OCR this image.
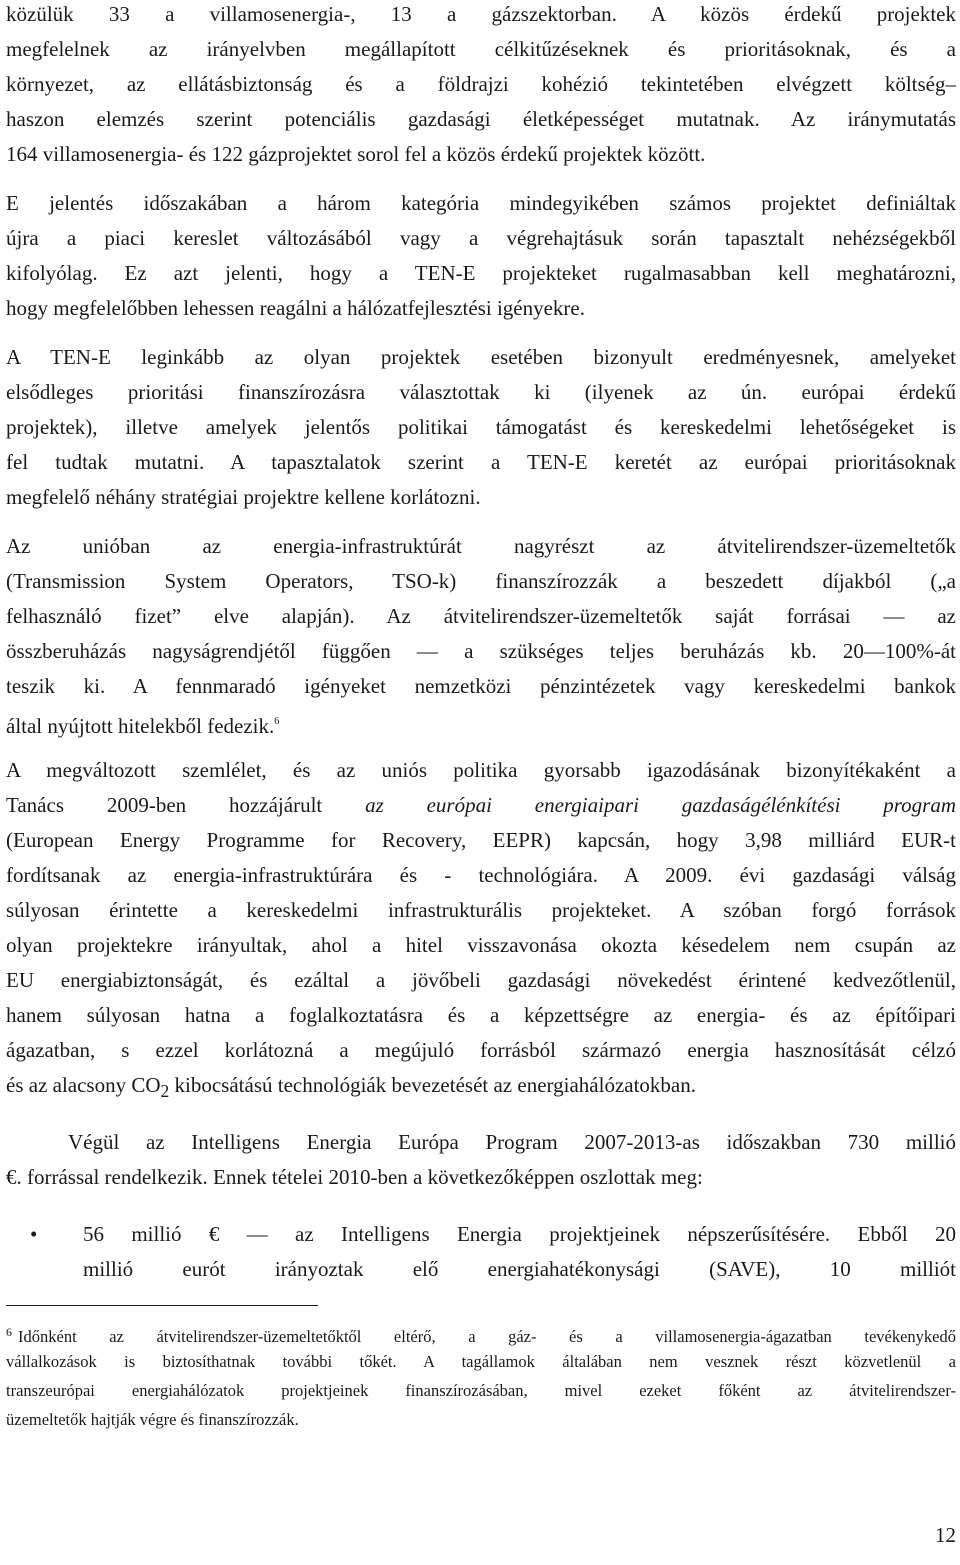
közülük 33 a villamosenergia-, 13 a gázszektorban. A közös érdekű projektek
megfelelnek az irányelvben megállapított célkitűzéseknek és prioritásoknak, és a
környezet, az ellátásbiztonság és a földrajzi kohézió tekintetében elvégzett költség–
haszon elemzés szerint potenciális gazdasági életképességet mutatnak. Az iránymutatás
164 villamosenergia- és 122 gázprojektet sorol fel a közös érdekű projektek között.
E jelentés időszakában a három kategória mindegyikében számos projektet definiáltak
újra a piaci kereslet változásából vagy a végrehajtásuk során tapasztalt nehézségekből
kifolyólag. Ez azt jelenti, hogy a TEN-E projekteket rugalmasabban kell meghatározni,
hogy megfelelőbben lehessen reagálni a hálózatfejlesztési igényekre.
A TEN-E leginkább az olyan projektek esetében bizonyult eredményesnek, amelyeket
elsődleges prioritási finanszírozásra választottak ki (ilyenek az ún. európai érdekű
projektek), illetve amelyek jelentős politikai támogatást és kereskedelmi lehetőségeket is
fel tudtak mutatni. A tapasztalatok szerint a TEN-E keretét az európai prioritásoknak
megfelelő néhány stratégiai projektre kellene korlátozni.
Az unióban az energia-infrastruktúrát nagyrészt az átvitelirendszer-üzemeltetők
(Transmission System Operators, TSO-k) finanszírozzák a beszedett díjakból („a
felhasználó fizet” elve alapján). Az átvitelirendszer-üzemeltetők saját forrásai — az
összberuházás nagyságrendjétől függően — a szükséges teljes beruházás kb. 20—100%-át
teszik ki. A fennmaradó igényeket nemzetközi pénzintézetek vagy kereskedelmi bankok
által nyújtott hitelekből fedezik.$^6$
A megváltozott szemlélet, és az uniós politika gyorsabb igazodásának bizonyítékaként a
Tanács 2009-ben hozzájárult az európai energiaipari gazdaságélénkítési program
(European Energy Programme for Recovery, EEPR) kapcsán, hogy 3,98 milliárd EUR-t
fordítsanak az energia-infrastruktúrára és - technológiára. A 2009. évi gazdasági válság
súlyosan érintette a kereskedelmi infrastrukturális projekteket. A szóban forgó források
olyan projektekre irányultak, ahol a hitel visszavonása okozta késedelem nem csupán az
EU energiabiztonságát, és ezáltal a jövőbeli gazdasági növekedést érintené kedvezőtlenül,
hanem súlyosan hatna a foglalkoztatásra és a képzettségre az energia- és az építőipari
ágazatban, s ezzel korlátozná a megújuló forrásból származó energia hasznosítását célzó
és az alacsony $CO_2$ kibocsátású technológiák bevezetését az energiahálózatokban.
Végül az Intelligens Energia Európa Program 2007-2013-as időszakban 730 millió
€. forrással rendelkezik. Ennek tételei 2010-ben a következőképpen oszlottak meg:
•	56 millió € — az Intelligens Energia projektjeinek népszerűsítésére. Ebből 20
millió eurót irányoztak elő energiahatékonysági (SAVE), 10 milliót
$^6$ Időnként az átvitelirendszer-üzemeltetőktől eltérő, a gáz- és a villamosenergia-ágazatban tevékenykedő
vállalkozások is biztosíthatnak további tőkét. A tagállamok általában nem vesznek részt közvetlenül a
transzeurópai energiahálózatok projektjeinek finanszírozásában, mivel ezeket főként az átvitelirendszer-
üzemeltetők hajtják végre és finanszírozzák.
12
